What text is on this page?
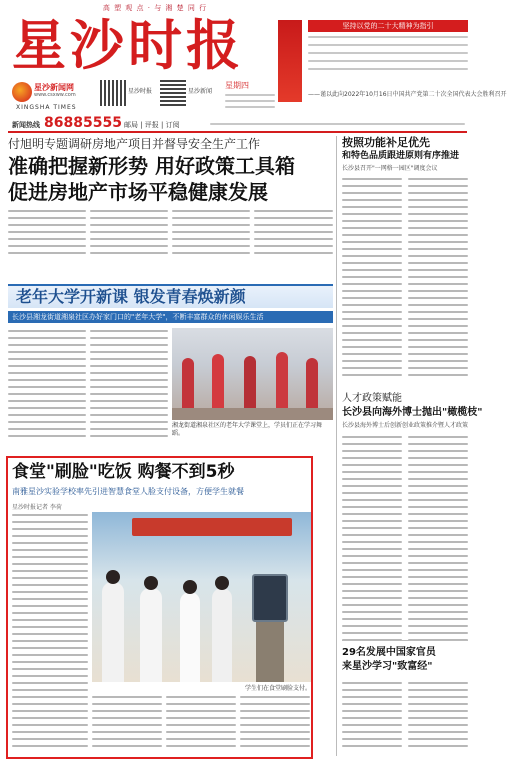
高 塑 观 点 · 与 湘 楚 同 行
星沙时报
星沙新闻网
www.csxww.com
XINGSHA TIMES
星沙时报	星沙新闻
星期四
新闻热线 86885555 邮局 | 评报 | 订阅
坚持以党的二十大精神为指引
——谨以此向2022年10月16日中国共产党第二十次全国代表大会胜利召开
付旭明专题调研房地产项目并督导安全生产工作
准确把握新形势 用好政策工具箱
促进房地产市场平稳健康发展
老年大学开新课 银发青春焕新颜
长沙县湘龙街道湘泉社区办好家门口的"老年大学"，不断丰富群众的休闲娱乐生活
湘龙街道湘泉社区的老年大学课堂上，学员们正在学习舞蹈。
食堂"刷脸"吃饭 购餐不到5秒
南雅星沙实验学校率先引进智慧食堂人脸支付设备，方便学生就餐
星沙时报记者 李荷
学生们在食堂刷脸支付。
按照功能补足优先
和特色品质跟进原则有序推进
长沙县召开"一网格一园区"调度会议
人才政策赋能
长沙县向海外博士抛出"橄榄枝"
长沙县海外博士后创新创业政策推介暨人才政策
29名发展中国家官员
来星沙学习"致富经"
